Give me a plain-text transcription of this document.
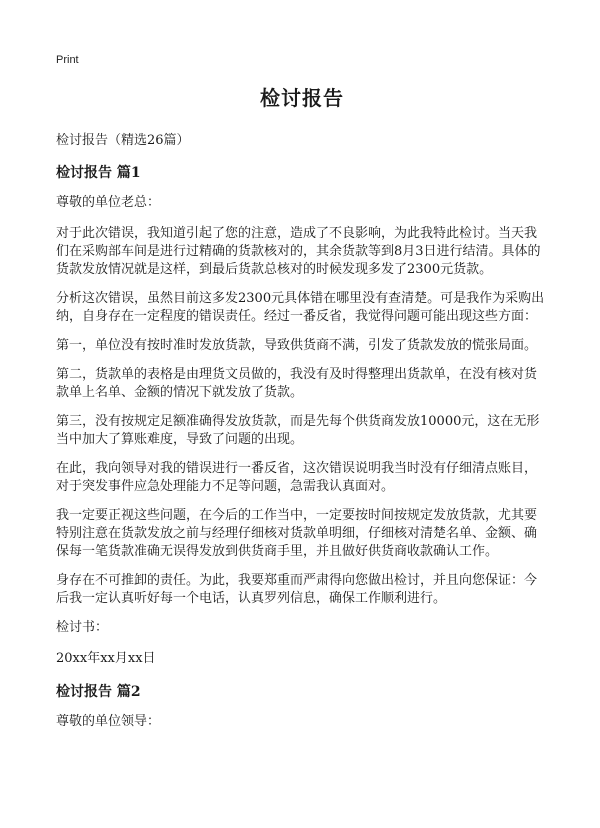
Print
检讨报告

检讨报告（精选26篇）

检讨报告 篇1

尊敬的单位老总：

对于此次错误，我知道引起了您的注意，造成了不良影响，为此我特此检讨。当天我们在采购部车间是进行过精确的货款核对的，其余货款等到8月3日进行结清。具体的货款发放情况就是这样，到最后货款总核对的时候发现多发了2300元货款。

分析这次错误，虽然目前这多发2300元具体错在哪里没有查清楚。可是我作为采购出纳，自身存在一定程度的错误责任。经过一番反省，我觉得问题可能出现这些方面：

第一，单位没有按时准时发放货款，导致供货商不满，引发了货款发放的慌张局面。

第二，货款单的表格是由理货文员做的，我没有及时得整理出货款单，在没有核对货款单上名单、金额的情况下就发放了货款。

第三，没有按规定足额准确得发放货款，而是先每个供货商发放10000元，这在无形当中加大了算账难度，导致了问题的出现。

在此，我向领导对我的错误进行一番反省，这次错误说明我当时没有仔细清点账目，对于突发事件应急处理能力不足等问题，急需我认真面对。

我一定要正视这些问题，在今后的工作当中，一定要按时间按规定发放货款，尤其要特别注意在货款发放之前与经理仔细核对货款单明细，仔细核对清楚名单、金额、确保每一笔货款准确无误得发放到供货商手里，并且做好供货商收款确认工作。

身存在不可推卸的责任。为此，我要郑重而严肃得向您做出检讨，并且向您保证：今后我一定认真听好每一个电话，认真罗列信息，确保工作顺利进行。

检讨书：

20xx年xx月xx日

检讨报告 篇2

尊敬的单位领导：
